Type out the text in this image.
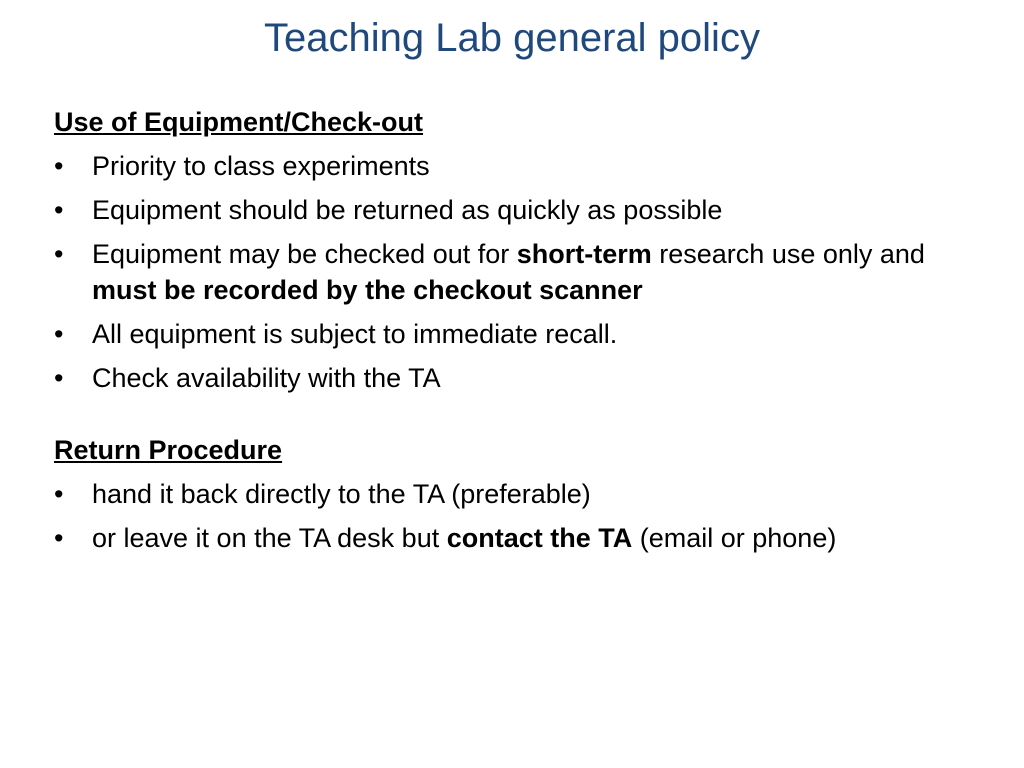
Teaching Lab general policy

Use of Equipment/Check-out

•	Priority to class experiments
•	Equipment should be returned as quickly as possible
•	Equipment may be checked out for short-term research use only and must be recorded by the checkout scanner
•	All equipment is subject to immediate recall.
•	Check availability with the TA

Return Procedure

•	hand it back directly to the TA (preferable)
•	or leave it on the TA desk but contact the TA (email or phone)
